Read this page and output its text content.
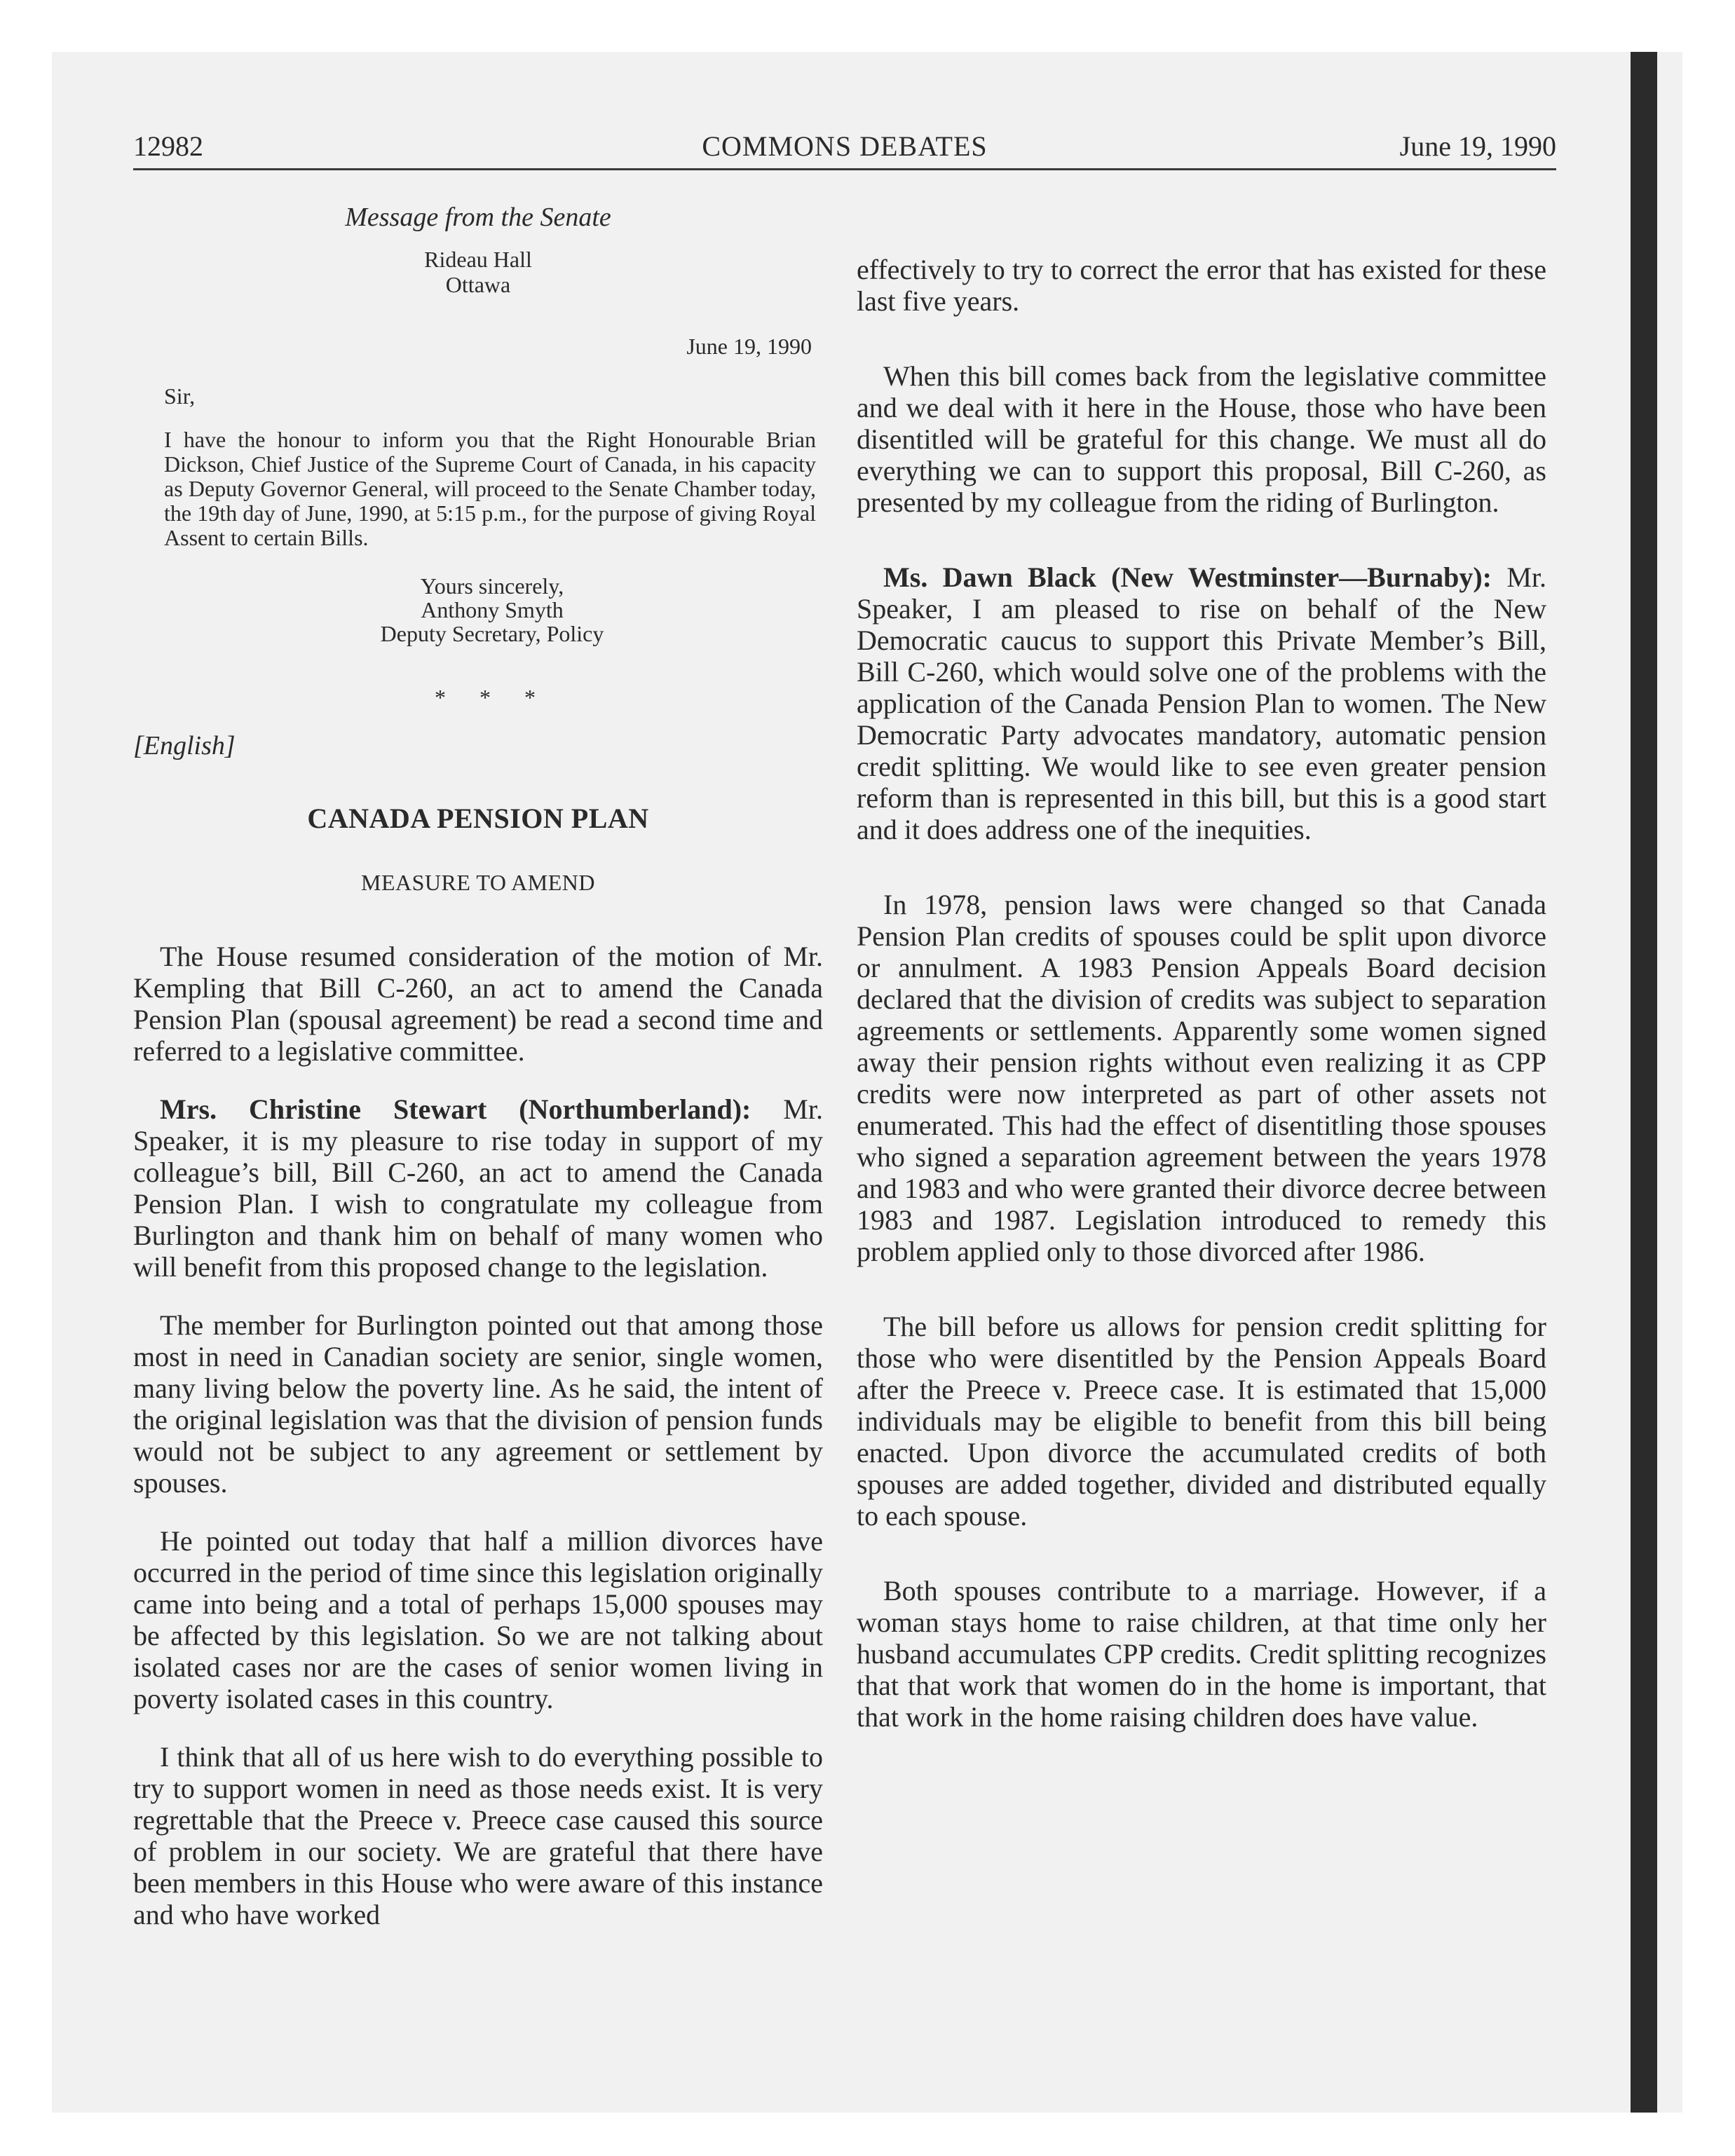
12982	COMMONS DEBATES	June 19, 1990
Message from the Senate
Rideau Hall
Ottawa
June 19, 1990
Sir,
I have the honour to inform you that the Right Honourable Brian Dickson, Chief Justice of the Supreme Court of Canada, in his capacity as Deputy Governor General, will proceed to the Senate Chamber today, the 19th day of June, 1990, at 5:15 p.m., for the purpose of giving Royal Assent to certain Bills.
Yours sincerely,
Anthony Smyth
Deputy Secretary, Policy
* * *
[English]
CANADA PENSION PLAN
MEASURE TO AMEND

The House resumed consideration of the motion of Mr. Kempling that Bill C-260, an act to amend the Canada Pension Plan (spousal agreement) be read a second time and referred to a legislative committee.

Mrs. Christine Stewart (Northumberland): Mr. Speaker, it is my pleasure to rise today in support of my colleague’s bill, Bill C-260, an act to amend the Canada Pension Plan. I wish to congratulate my colleague from Burlington and thank him on behalf of many women who will benefit from this proposed change to the legislation.

The member for Burlington pointed out that among those most in need in Canadian society are senior, single women, many living below the poverty line. As he said, the intent of the original legislation was that the division of pension funds would not be subject to any agreement or settlement by spouses.

He pointed out today that half a million divorces have occurred in the period of time since this legislation originally came into being and a total of perhaps 15,000 spouses may be affected by this legislation. So we are not talking about isolated cases nor are the cases of senior women living in poverty isolated cases in this country.

I think that all of us here wish to do everything possible to try to support women in need as those needs exist. It is very regrettable that the Preece v. Preece case caused this source of problem in our society. We are grateful that there have been members in this House who were aware of this instance and who have worked

effectively to try to correct the error that has existed for these last five years.

When this bill comes back from the legislative committee and we deal with it here in the House, those who have been disentitled will be grateful for this change. We must all do everything we can to support this proposal, Bill C-260, as presented by my colleague from the riding of Burlington.

Ms. Dawn Black (New Westminster—Burnaby): Mr. Speaker, I am pleased to rise on behalf of the New Democratic caucus to support this Private Member’s Bill, Bill C-260, which would solve one of the problems with the application of the Canada Pension Plan to women. The New Democratic Party advocates mandatory, automatic pension credit splitting. We would like to see even greater pension reform than is represented in this bill, but this is a good start and it does address one of the inequities.

In 1978, pension laws were changed so that Canada Pension Plan credits of spouses could be split upon divorce or annulment. A 1983 Pension Appeals Board decision declared that the division of credits was subject to separation agreements or settlements. Apparently some women signed away their pension rights without even realizing it as CPP credits were now interpreted as part of other assets not enumerated. This had the effect of disentitling those spouses who signed a separation agreement between the years 1978 and 1983 and who were granted their divorce decree between 1983 and 1987. Legislation introduced to remedy this problem applied only to those divorced after 1986.

The bill before us allows for pension credit splitting for those who were disentitled by the Pension Appeals Board after the Preece v. Preece case. It is estimated that 15,000 individuals may be eligible to benefit from this bill being enacted. Upon divorce the accumulated credits of both spouses are added together, divided and distributed equally to each spouse.

Both spouses contribute to a marriage. However, if a woman stays home to raise children, at that time only her husband accumulates CPP credits. Credit splitting recognizes that that work that women do in the home is important, that that work in the home raising children does have value.
